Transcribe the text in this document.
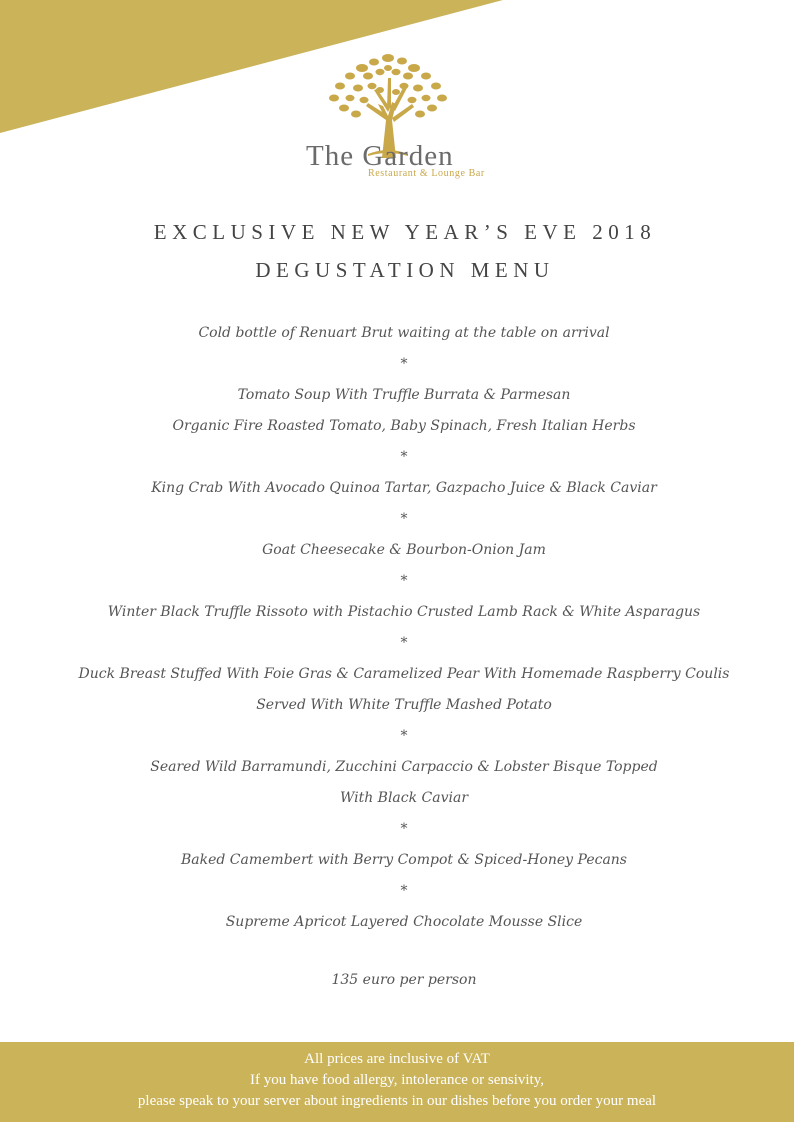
The Garden
Restaurant & Lounge Bar
EXCLUSIVE NEW YEAR’S EVE 2018
DEGUSTATION MENU
Cold bottle of Renuart Brut waiting at the table on arrival
*
Tomato Soup With Truffle Burrata & Parmesan
Organic Fire Roasted Tomato, Baby Spinach, Fresh Italian Herbs
*
King Crab With Avocado Quinoa Tartar, Gazpacho Juice & Black Caviar
*
Goat Cheesecake & Bourbon-Onion Jam
*
Winter Black Truffle Rissoto with Pistachio Crusted Lamb Rack & White Asparagus
*
Duck Breast Stuffed With Foie Gras & Caramelized Pear With Homemade Raspberry Coulis
Served With White Truffle Mashed Potato
*
Seared Wild Barramundi, Zucchini Carpaccio & Lobster Bisque Topped
With Black Caviar
*
Baked Camembert with Berry Compot & Spiced-Honey Pecans
*
Supreme Apricot Layered Chocolate Mousse Slice
135 euro per person
All prices are inclusive of VAT
If you have food allergy, intolerance or sensivity,
please speak to your server about ingredients in our dishes before you order your meal
